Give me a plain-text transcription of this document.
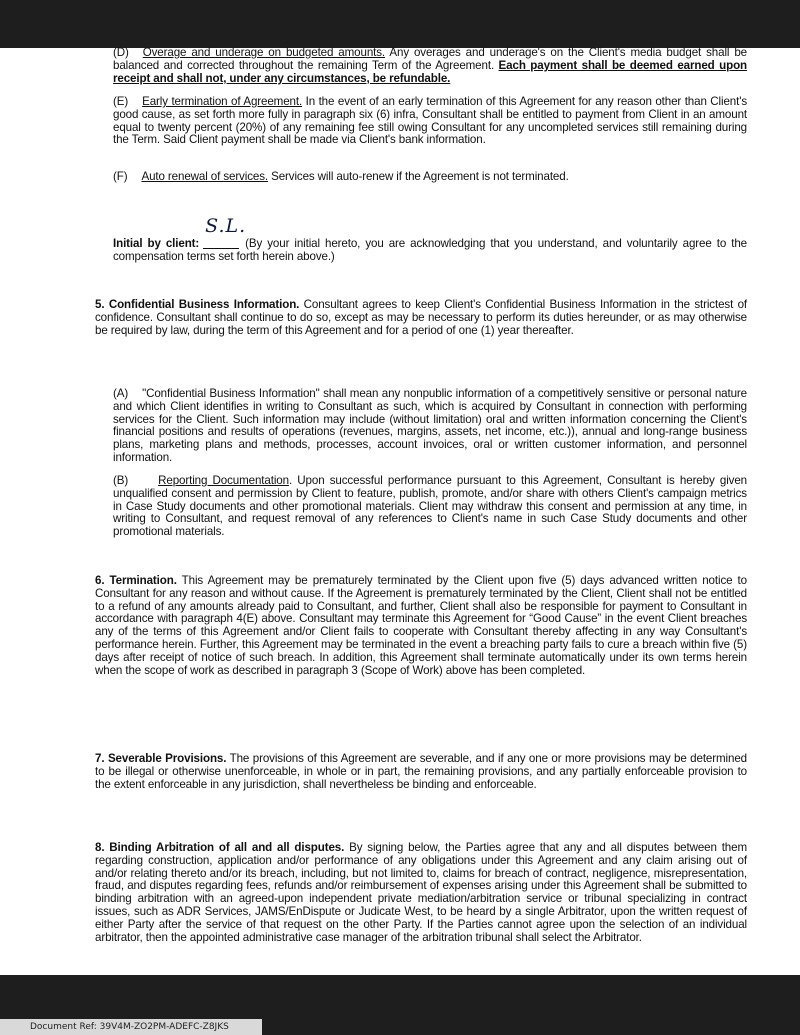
(D) Overage and underage on budgeted amounts. Any overages and underage's on the Client's media budget shall be balanced and corrected throughout the remaining Term of the Agreement. Each payment shall be deemed earned upon receipt and shall not, under any circumstances, be refundable.

(E) Early termination of Agreement. In the event of an early termination of this Agreement for any reason other than Client's good cause, as set forth more fully in paragraph six (6) infra, Consultant shall be entitled to payment from Client in an amount equal to twenty percent (20%) of any remaining fee still owing Consultant for any uncompleted services still remaining during the Term. Said Client payment shall be made via Client's bank information.

(F) Auto renewal of services. Services will auto-renew if the Agreement is not terminated.

Initial by client:
S.L.
(By your initial hereto, you are acknowledging that you understand, and voluntarily agree to the compensation terms set forth herein above.)

5. Confidential Business Information. Consultant agrees to keep Client's Confidential Business Information in the strictest of confidence. Consultant shall continue to do so, except as may be necessary to perform its duties hereunder, or as may otherwise be required by law, during the term of this Agreement and for a period of one (1) year thereafter.

(A) "Confidential Business Information" shall mean any nonpublic information of a competitively sensitive or personal nature and which Client identifies in writing to Consultant as such, which is acquired by Consultant in connection with performing services for the Client. Such information may include (without limitation) oral and written information concerning the Client's financial positions and results of operations (revenues, margins, assets, net income, etc.)), annual and long-range business plans, marketing plans and methods, processes, account invoices, oral or written customer information, and personnel information.

(B)	Reporting Documentation. Upon successful performance pursuant to this Agreement, Consultant is hereby given unqualified consent and permission by Client to feature, publish, promote, and/or share with others Client's campaign metrics in Case Study documents and other promotional materials. Client may withdraw this consent and permission at any time, in writing to Consultant, and request removal of any references to Client's name in such Case Study documents and other promotional materials.

6. Termination. This Agreement may be prematurely terminated by the Client upon five (5) days advanced written notice to Consultant for any reason and without cause. If the Agreement is prematurely terminated by the Client, Client shall not be entitled to a refund of any amounts already paid to Consultant, and further, Client shall also be responsible for payment to Consultant in accordance with paragraph 4(E) above. Consultant may terminate this Agreement for “Good Cause” in the event Client breaches any of the terms of this Agreement and/or Client fails to cooperate with Consultant thereby affecting in any way Consultant's performance herein. Further, this Agreement may be terminated in the event a breaching party fails to cure a breach within five (5) days after receipt of notice of such breach. In addition, this Agreement shall terminate automatically under its own terms herein when the scope of work as described in paragraph 3 (Scope of Work) above has been completed.

7. Severable Provisions. The provisions of this Agreement are severable, and if any one or more provisions may be determined to be illegal or otherwise unenforceable, in whole or in part, the remaining provisions, and any partially enforceable provision to the extent enforceable in any jurisdiction, shall nevertheless be binding and enforceable.

8. Binding Arbitration of all and all disputes. By signing below, the Parties agree that any and all disputes between them regarding construction, application and/or performance of any obligations under this Agreement and any claim arising out of and/or relating thereto and/or its breach, including, but not limited to, claims for breach of contract, negligence, misrepresentation, fraud, and disputes regarding fees, refunds and/or reimbursement of expenses arising under this Agreement shall be submitted to binding arbitration with an agreed-upon independent private mediation/arbitration service or tribunal specializing in contract issues, such as ADR Services, JAMS/EnDispute or Judicate West, to be heard by a single Arbitrator, upon the written request of either Party after the service of that request on the other Party. If the Parties cannot agree upon the selection of an individual arbitrator, then the appointed administrative case manager of the arbitration tribunal shall select the Arbitrator.

Document Ref: 39V4M-ZO2PM-ADEFC-Z8JKS
